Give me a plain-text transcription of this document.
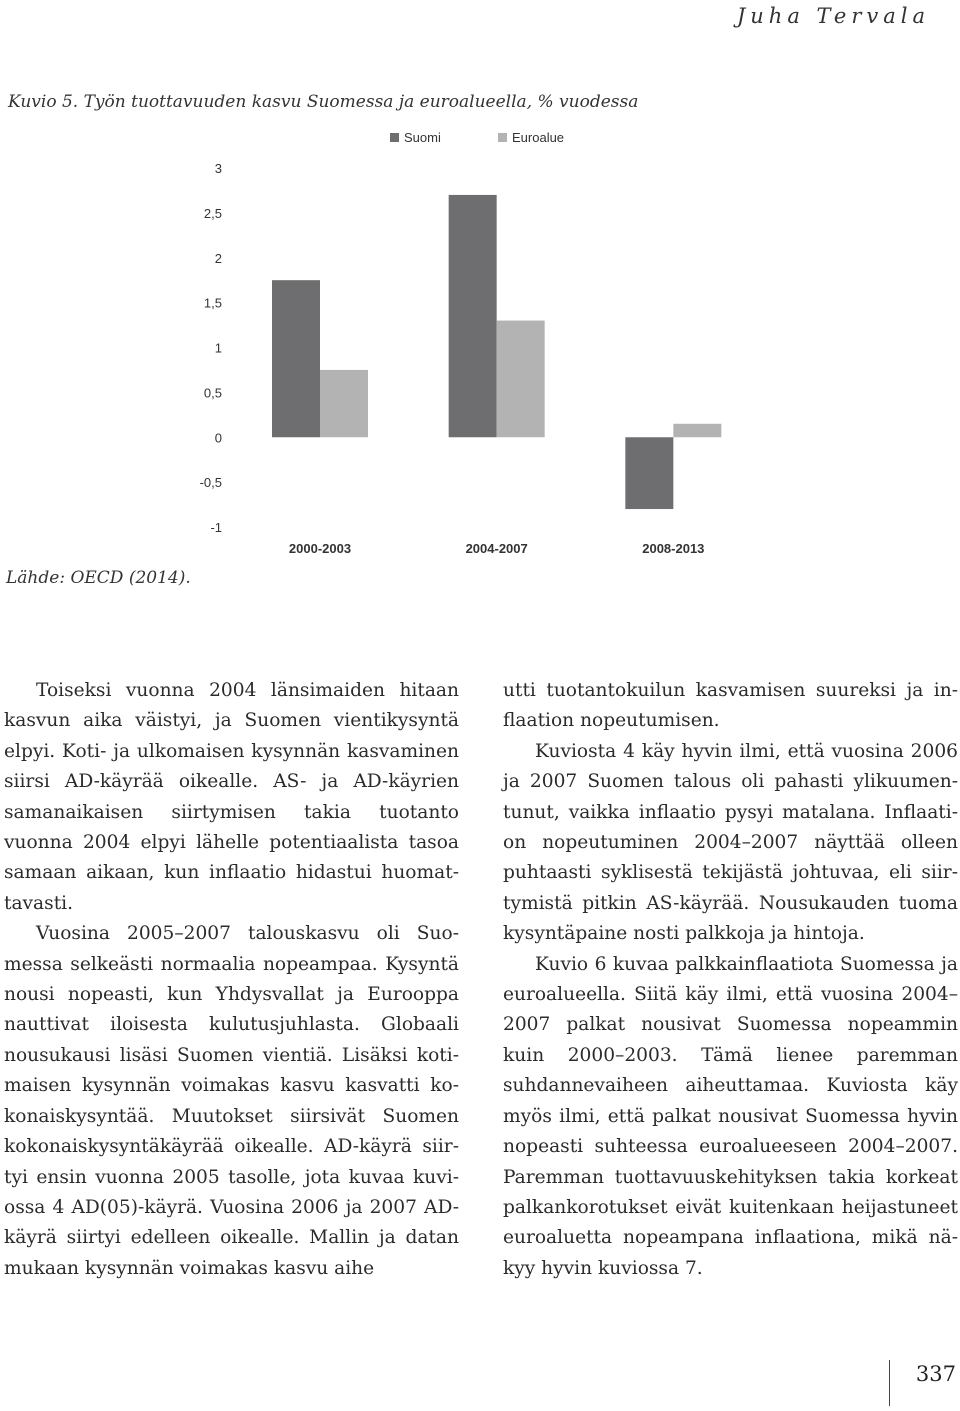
Juha Tervala
Kuvio 5. Työn tuottavuuden kasvu Suomessa ja euroalueella, % vuodessa
3
2,5
2
1,5
1
0,5
0
-0,5
-1
2000-2003	2004-2007	2008-2013
Suomi	Euroalue
Lähde: OECD (2014).

Toiseksi vuonna 2004 länsimaiden hitaan kasvun aika väistyi, ja Suomen vientikysyntä elpyi. Koti- ja ulkomaisen kysynnän kasvaminen siirsi AD-käyrää oikealle. AS- ja AD-käyrien samanaikaisen siirtymisen takia tuotanto vuonna 2004 elpyi lähelle potentiaalista tasoa samaan aikaan, kun inflaatio hidastui huomattavasti.

Vuosina 2005–2007 talouskasvu oli Suomessa selkeästi normaalia nopeampaa. Kysyntä nousi nopeasti, kun Yhdysvallat ja Eurooppa nauttivat iloisesta kulutusjuhlasta. Globaali nousukausi lisäsi Suomen vientiä. Lisäksi kotimaisen kysynnän voimakas kasvu kasvatti kokonaiskysyntää. Muutokset siirsivät Suomen kokonaiskysyntäkäyrää oikealle. AD-käyrä siirtyi ensin vuonna 2005 tasolle, jota kuvaa kuviossa 4 AD(05)-käyrä. Vuosina 2006 ja 2007 AD-käyrä siirtyi edelleen oikealle. Mallin ja datan mukaan kysynnän voimakas kasvu aihe

utti tuotantokuilun kasvamisen suureksi ja inflaation nopeutumisen.

Kuviosta 4 käy hyvin ilmi, että vuosina 2006 ja 2007 Suomen talous oli pahasti ylikuumentunut, vaikka inflaatio pysyi matalana. Inflaation nopeutuminen 2004–2007 näyttää olleen puhtaasti syklisestä tekijästä johtuvaa, eli siirtymistä pitkin AS-käyrää. Nousukauden tuoma kysyntäpaine nosti palkkoja ja hintoja.

Kuvio 6 kuvaa palkkainflaatiota Suomessa ja euroalueella. Siitä käy ilmi, että vuosina 2004–2007 palkat nousivat Suomessa nopeammin kuin 2000–2003. Tämä lienee paremman suhdannevaiheen aiheuttamaa. Kuviosta käy myös ilmi, että palkat nousivat Suomessa hyvin nopeasti suhteessa euroalueeseen 2004–2007. Paremman tuottavuuskehityksen takia korkeat palkankorotukset eivät kuitenkaan heijastuneet euroaluetta nopeampana inflaationa, mikä näkyy hyvin kuviossa 7.

337
